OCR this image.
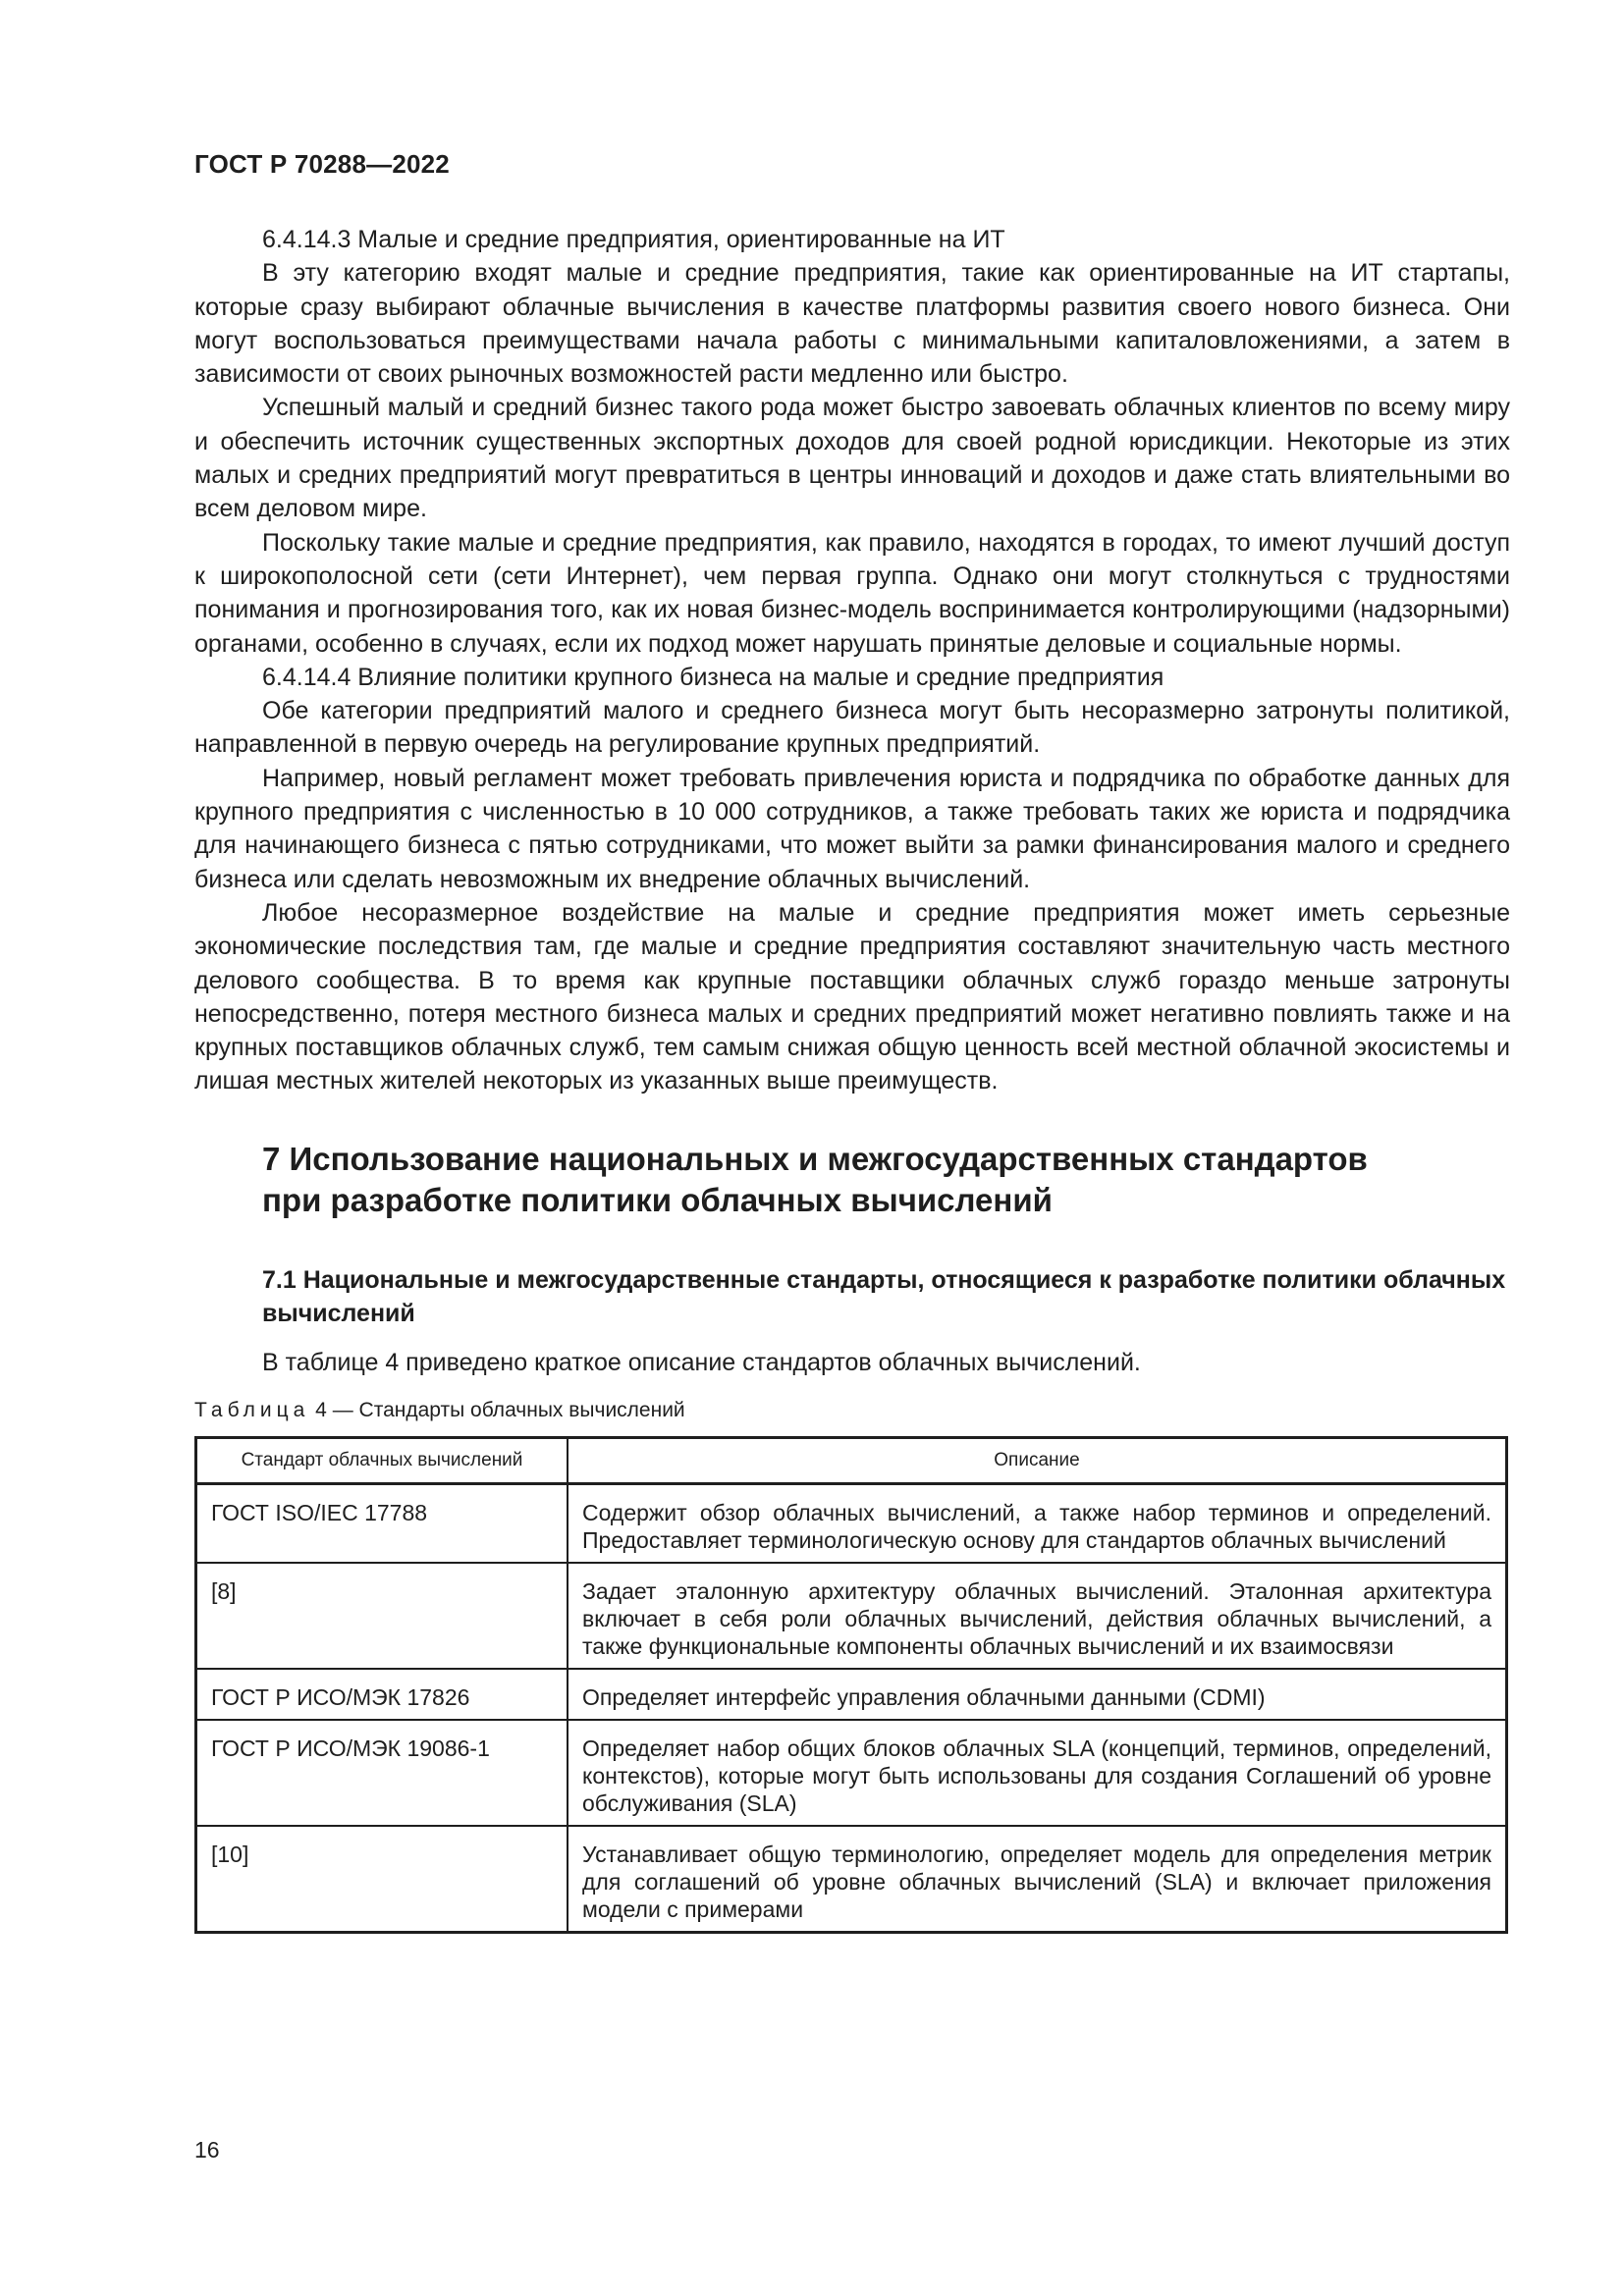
ГОСТ Р 70288—2022

6.4.14.3 Малые и средние предприятия, ориентированные на ИТ

В эту категорию входят малые и средние предприятия, такие как ориентированные на ИТ стартапы, которые сразу выбирают облачные вычисления в качестве платформы развития своего нового бизнеса. Они могут воспользоваться преимуществами начала работы с минимальными капиталовложениями, а затем в зависимости от своих рыночных возможностей расти медленно или быстро.

Успешный малый и средний бизнес такого рода может быстро завоевать облачных клиентов по всему миру и обеспечить источник существенных экспортных доходов для своей родной юрисдикции. Некоторые из этих малых и средних предприятий могут превратиться в центры инноваций и доходов и даже стать влиятельными во всем деловом мире.

Поскольку такие малые и средние предприятия, как правило, находятся в городах, то имеют лучший доступ к широкополосной сети (сети Интернет), чем первая группа. Однако они могут столкнуться с трудностями понимания и прогнозирования того, как их новая бизнес-модель воспринимается контролирующими (надзорными) органами, особенно в случаях, если их подход может нарушать принятые деловые и социальные нормы.

6.4.14.4 Влияние политики крупного бизнеса на малые и средние предприятия

Обе категории предприятий малого и среднего бизнеса могут быть несоразмерно затронуты политикой, направленной в первую очередь на регулирование крупных предприятий.

Например, новый регламент может требовать привлечения юриста и подрядчика по обработке данных для крупного предприятия с численностью в 10 000 сотрудников, а также требовать таких же юриста и подрядчика для начинающего бизнеса с пятью сотрудниками, что может выйти за рамки финансирования малого и среднего бизнеса или сделать невозможным их внедрение облачных вычислений.

Любое несоразмерное воздействие на малые и средние предприятия может иметь серьезные экономические последствия там, где малые и средние предприятия составляют значительную часть местного делового сообщества. В то время как крупные поставщики облачных служб гораздо меньше затронуты непосредственно, потеря местного бизнеса малых и средних предприятий может негативно повлиять также и на крупных поставщиков облачных служб, тем самым снижая общую ценность всей местной облачной экосистемы и лишая местных жителей некоторых из указанных выше преимуществ.

7 Использование национальных и межгосударственных стандартов
при разработке политики облачных вычислений
7.1 Национальные и межгосударственные стандарты, относящиеся к разработке политики облачных вычислений

В таблице 4 приведено краткое описание стандартов облачных вычислений.

Таблица 4 — Стандарты облачных вычислений

Стандарт облачных вычислений	Описание
ГОСТ ISO/IEC 17788	Содержит обзор облачных вычислений, а также набор терминов и определений. Предоставляет терминологическую основу для стандартов облачных вычислений
[8]	Задает эталонную архитектуру облачных вычислений. Эталонная архитектура включает в себя роли облачных вычислений, действия облачных вычислений, а также функциональные компоненты облачных вычислений и их взаимосвязи
ГОСТ Р ИСО/МЭК 17826	Определяет интерфейс управления облачными данными (CDMI)
ГОСТ Р ИСО/МЭК 19086-1	Определяет набор общих блоков облачных SLA (концепций, терминов, определений, контекстов), которые могут быть использованы для создания Соглашений об уровне обслуживания (SLA)
[10]	Устанавливает общую терминологию, определяет модель для определения метрик для соглашений об уровне облачных вычислений (SLA) и включает приложения модели с примерами
16
